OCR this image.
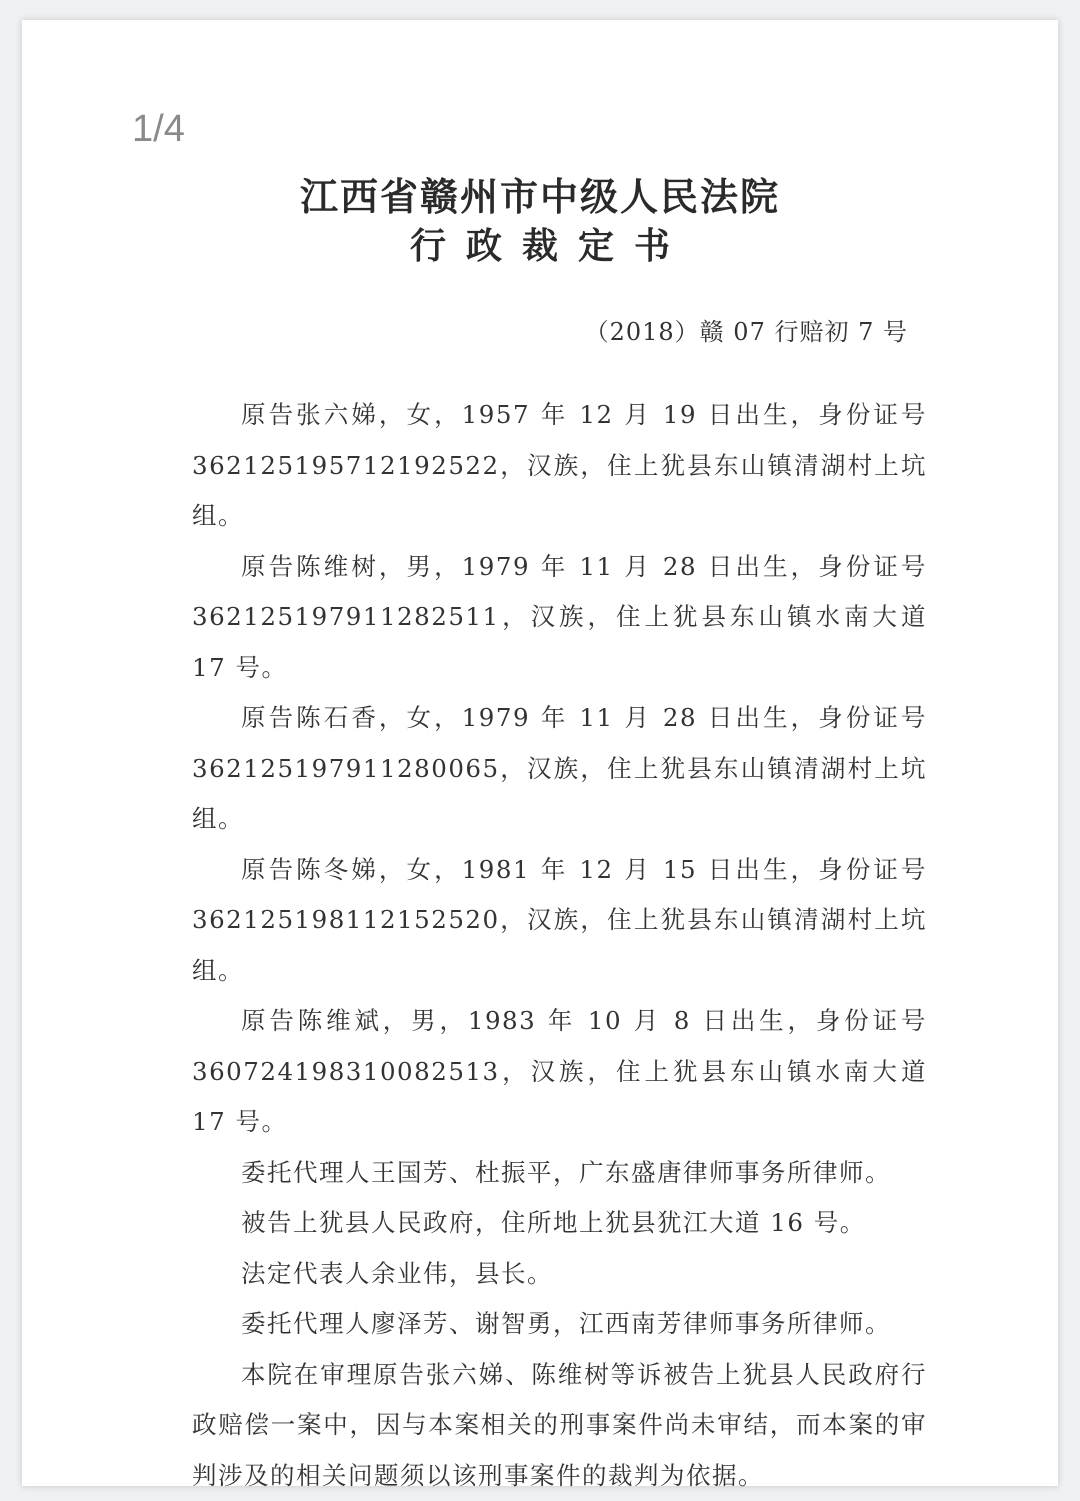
1/4
江西省赣州市中级人民法院
行政裁定书
（2018）赣 07 行赔初 7 号

原告张六娣，女，1957 年 12 月 19 日出生，身份证号 362125195712192522，汉族，住上犹县东山镇清湖村上坑组。

原告陈维树，男，1979 年 11 月 28 日出生，身份证号 362125197911282511，汉族，住上犹县东山镇水南大道 17 号。

原告陈石香，女，1979 年 11 月 28 日出生，身份证号 362125197911280065，汉族，住上犹县东山镇清湖村上坑组。

原告陈冬娣，女，1981 年 12 月 15 日出生，身份证号 362125198112152520，汉族，住上犹县东山镇清湖村上坑组。

原告陈维斌，男，1983 年 10 月 8 日出生，身份证号 360724198310082513，汉族，住上犹县东山镇水南大道 17 号。

委托代理人王国芳、杜振平，广东盛唐律师事务所律师。

被告上犹县人民政府，住所地上犹县犹江大道 16 号。

法定代表人余业伟，县长。

委托代理人廖泽芳、谢智勇，江西南芳律师事务所律师。

本院在审理原告张六娣、陈维树等诉被告上犹县人民政府行政赔偿一案中，因与本案相关的刑事案件尚未审结，而本案的审判涉及的相关问题须以该刑事案件的裁判为依据。
